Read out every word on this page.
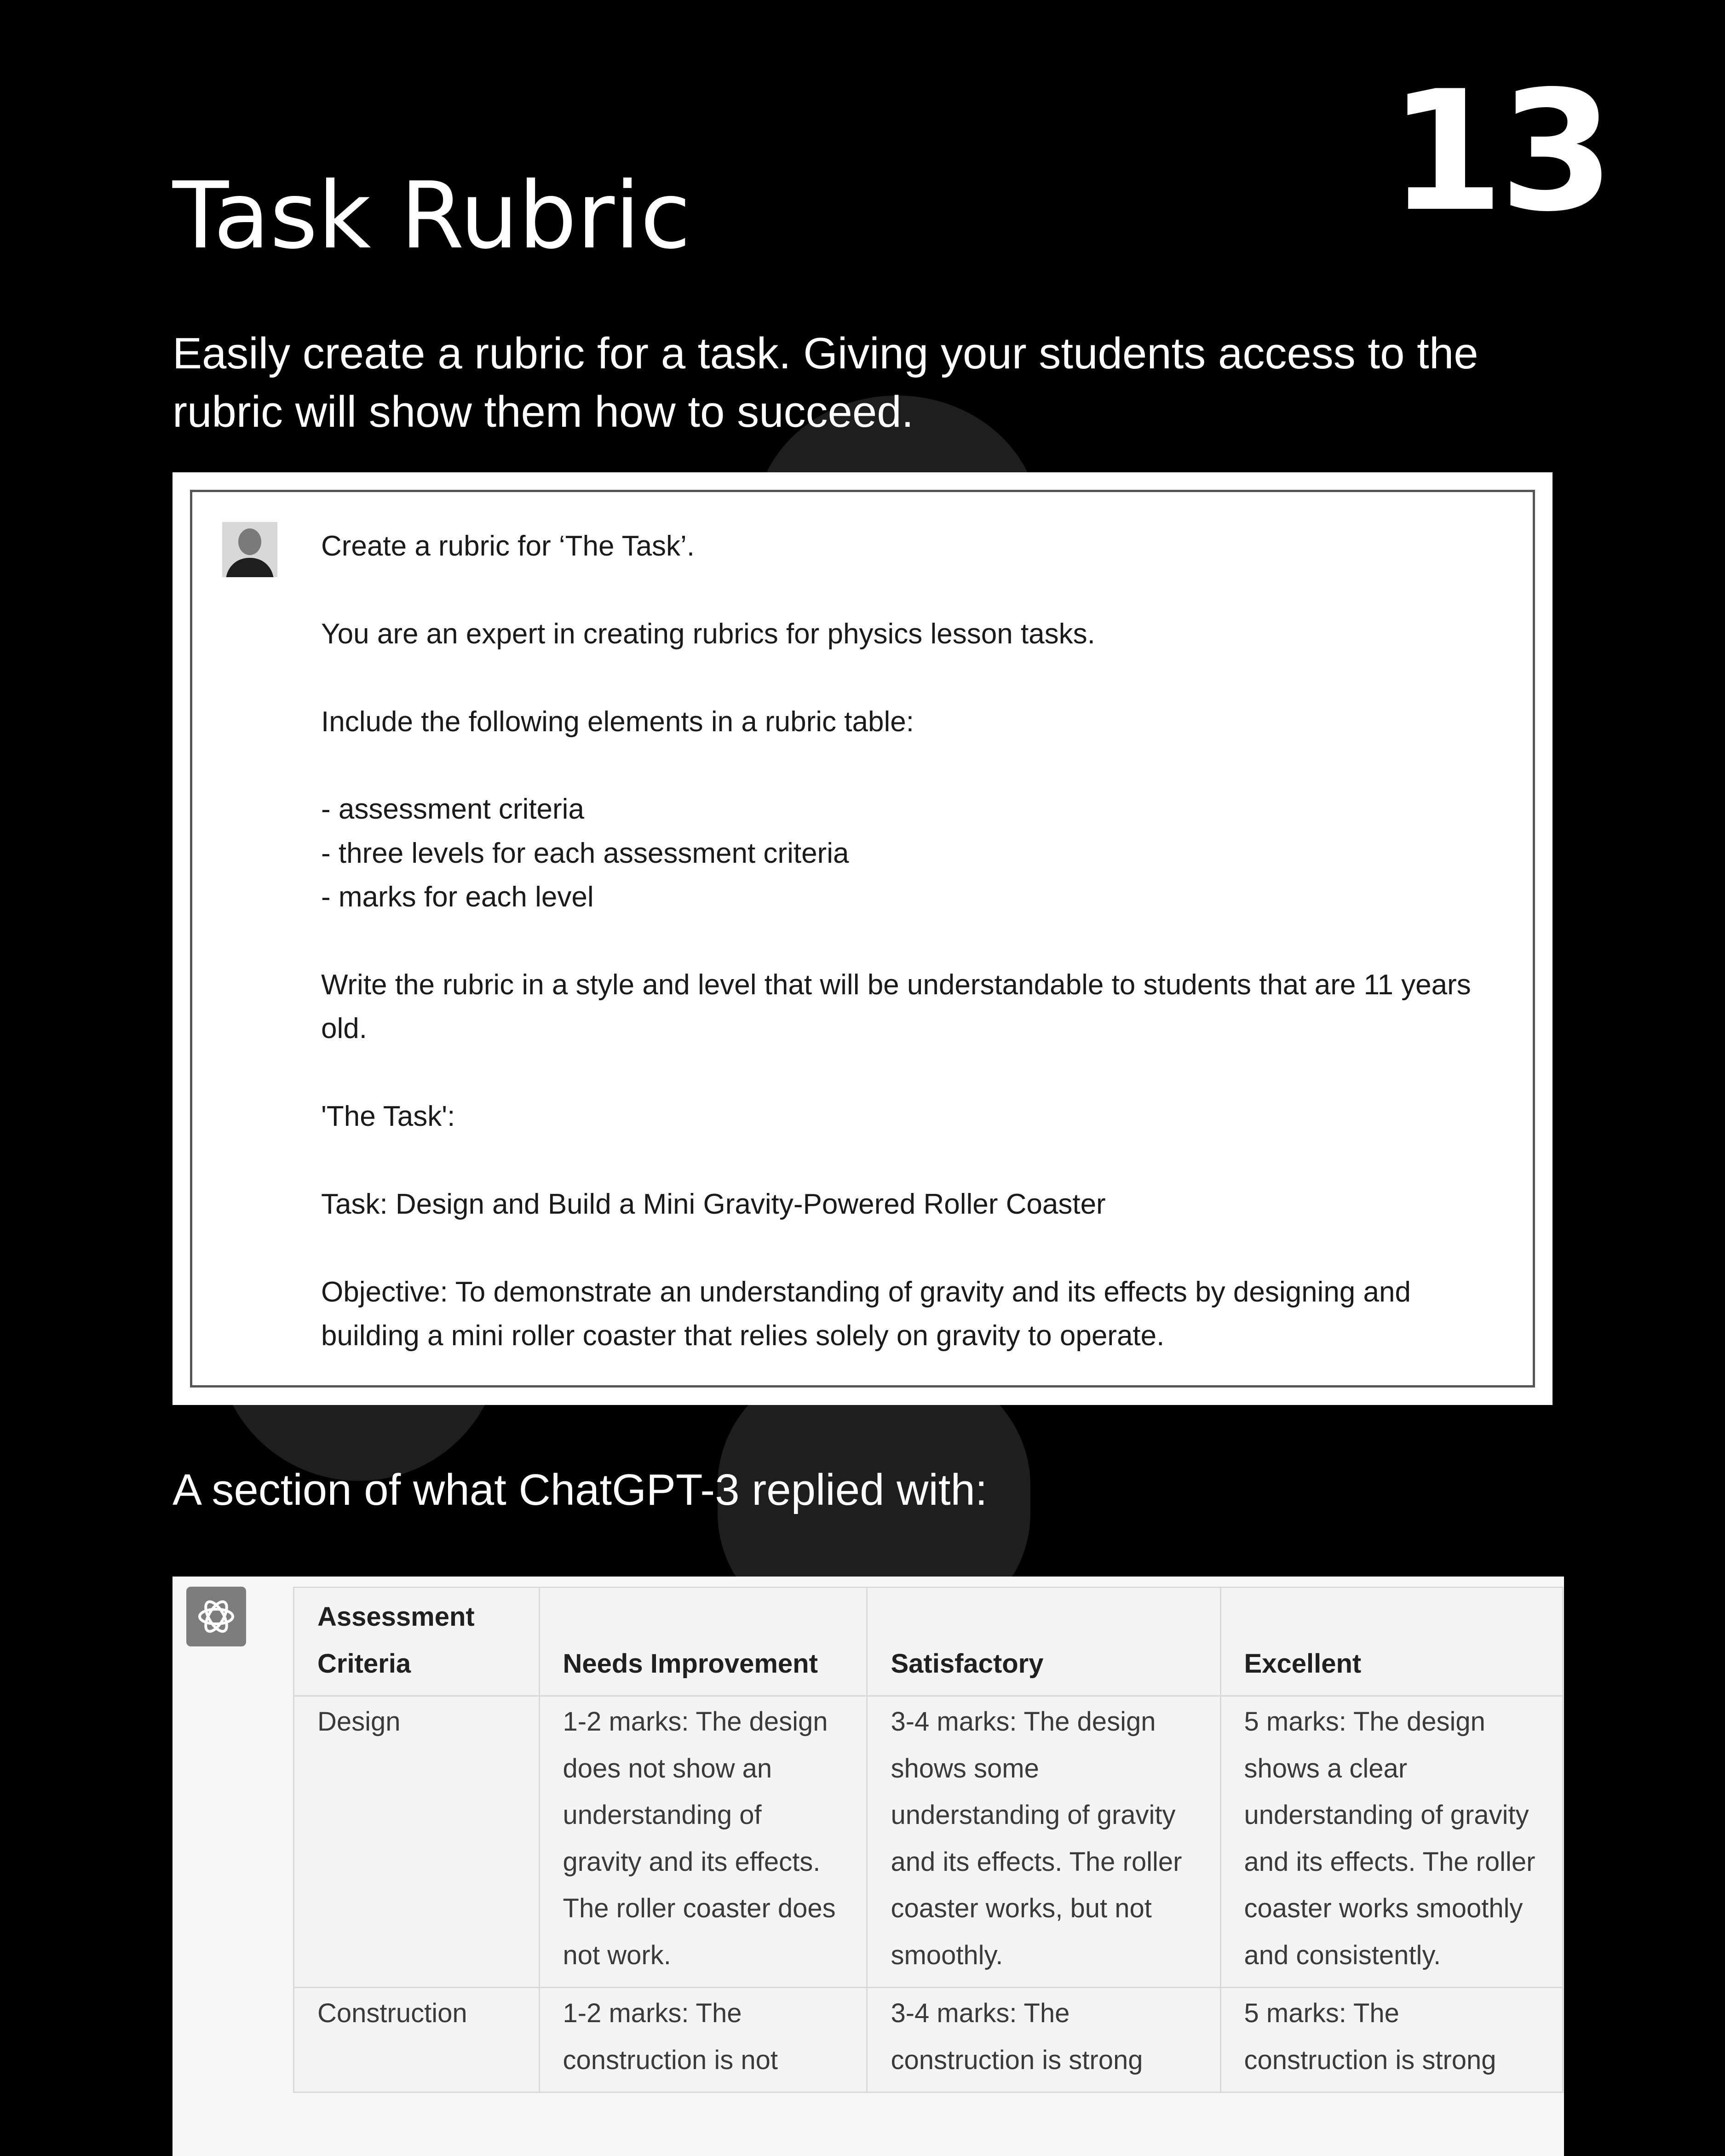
13
Task Rubric

Easily create a rubric for a task. Giving your students access to the rubric will show them how to succeed.

Create a rubric for ‘The Task’.

You are an expert in creating rubrics for physics lesson tasks.

Include the following elements in a rubric table:

- assessment criteria

- three levels for each assessment criteria

- marks for each level

Write the rubric in a style and level that will be understandable to students that are 11 years old.

'The Task':

Task: Design and Build a Mini Gravity-Powered Roller Coaster

Objective: To demonstrate an understanding of gravity and its effects by designing and building a mini roller coaster that relies solely on gravity to operate.

A section of what ChatGPT-3 replied with:

Assessment Criteria	Needs Improvement	Satisfactory	Excellent
Design	1-2 marks: The design does not show an understanding of gravity and its effects. The roller coaster does not work.	3-4 marks: The design shows some understanding of gravity and its effects. The roller coaster works, but not smoothly.	5 marks: The design shows a clear understanding of gravity and its effects. The roller coaster works smoothly and consistently.
Construction	1-2 marks: The construction is not	3-4 marks: The construction is strong	5 marks: The construction is strong
